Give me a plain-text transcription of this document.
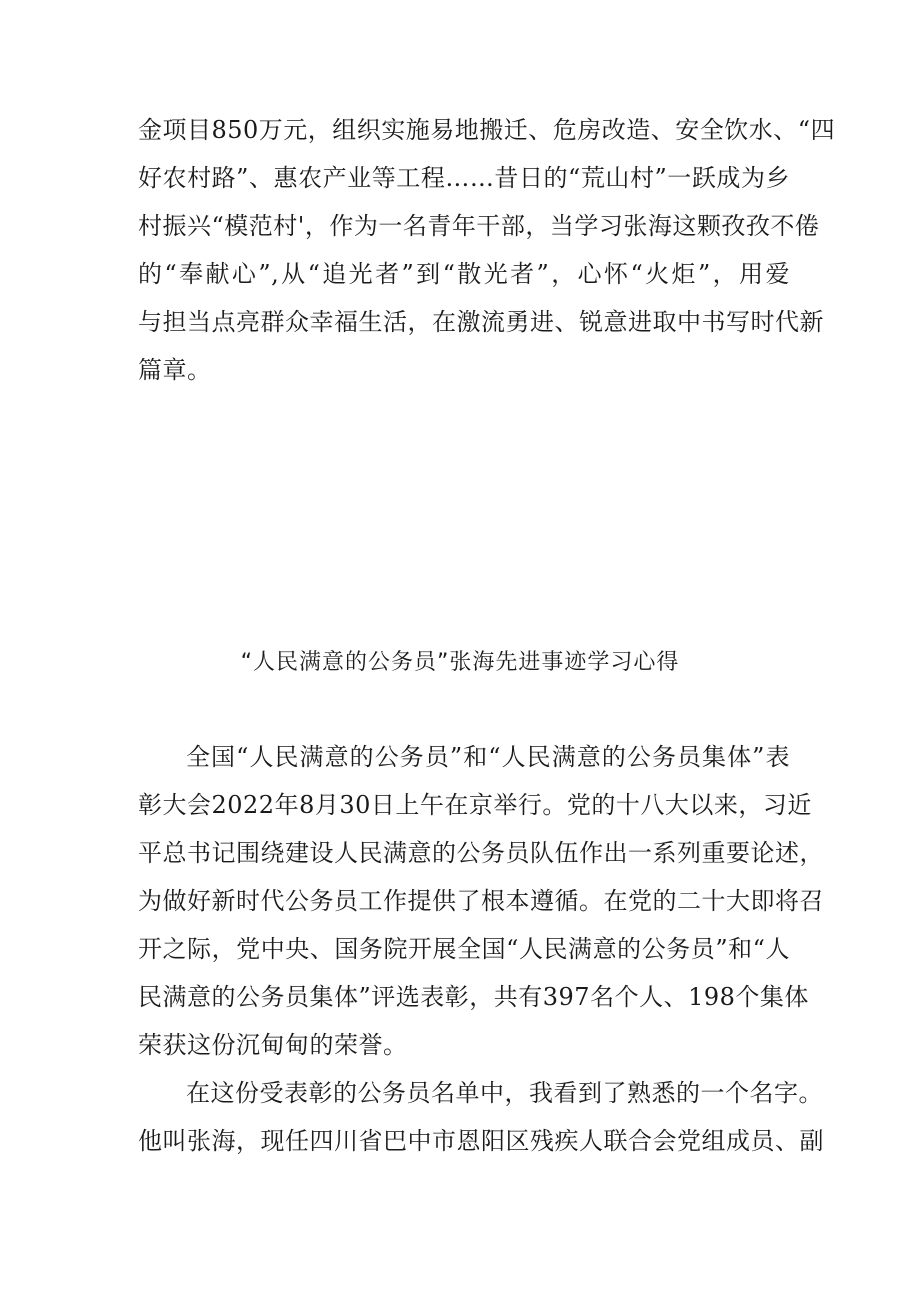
金项目850万元，组织实施易地搬迁、危房改造、安全饮水、“四
好农村路”、惠农产业等工程……昔日的“荒山村”一跃成为乡
村振兴“模范村'，作为一名青年干部，当学习张海这颗孜孜不倦
的“奉献心”,从“追光者”到“散光者”，心怀“火炬”，用爱
与担当点亮群众幸福生活，在激流勇进、锐意进取中书写时代新
篇章。
“人民满意的公务员”张海先进事迹学习心得
全国“人民满意的公务员”和“人民满意的公务员集体”表
彰大会2022年8月30日上午在京举行。党的十八大以来，习近
平总书记围绕建设人民满意的公务员队伍作出一系列重要论述，
为做好新时代公务员工作提供了根本遵循。在党的二十大即将召
开之际，党中央、国务院开展全国“人民满意的公务员”和“人
民满意的公务员集体”评选表彰，共有397名个人、198个集体
荣获这份沉甸甸的荣誉。
在这份受表彰的公务员名单中，我看到了熟悉的一个名字。
他叫张海，现任四川省巴中市恩阳区残疾人联合会党组成员、副
